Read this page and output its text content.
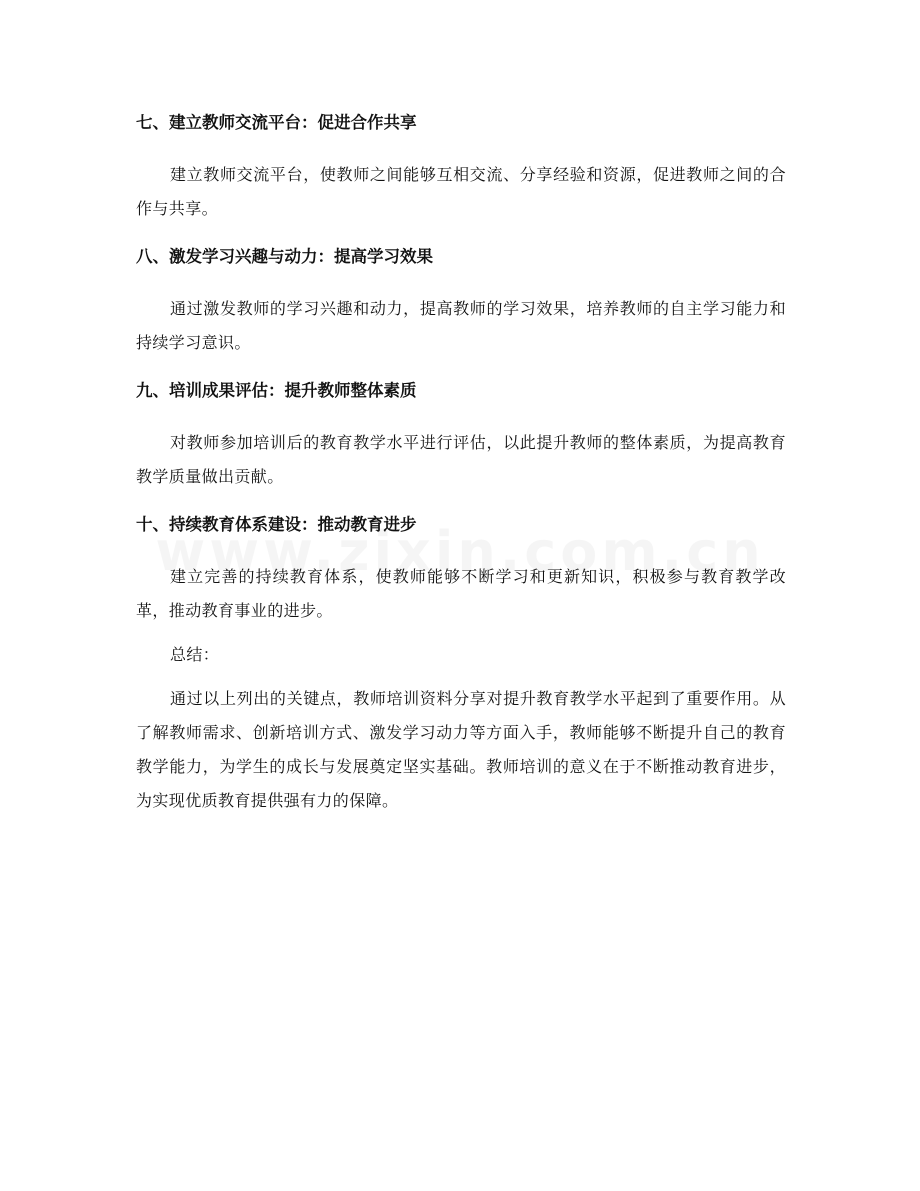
七、建立教师交流平台：促进合作共享

建立教师交流平台，使教师之间能够互相交流、分享经验和资源，促进教师之间的合作与共享。

八、激发学习兴趣与动力：提高学习效果

通过激发教师的学习兴趣和动力，提高教师的学习效果，培养教师的自主学习能力和持续学习意识。

九、培训成果评估：提升教师整体素质

对教师参加培训后的教育教学水平进行评估，以此提升教师的整体素质，为提高教育教学质量做出贡献。

十、持续教育体系建设：推动教育进步

建立完善的持续教育体系，使教师能够不断学习和更新知识，积极参与教育教学改革，推动教育事业的进步。

总结：

通过以上列出的关键点，教师培训资料分享对提升教育教学水平起到了重要作用。从了解教师需求、创新培训方式、激发学习动力等方面入手，教师能够不断提升自己的教育教学能力，为学生的成长与发展奠定坚实基础。教师培训的意义在于不断推动教育进步，为实现优质教育提供强有力的保障。
